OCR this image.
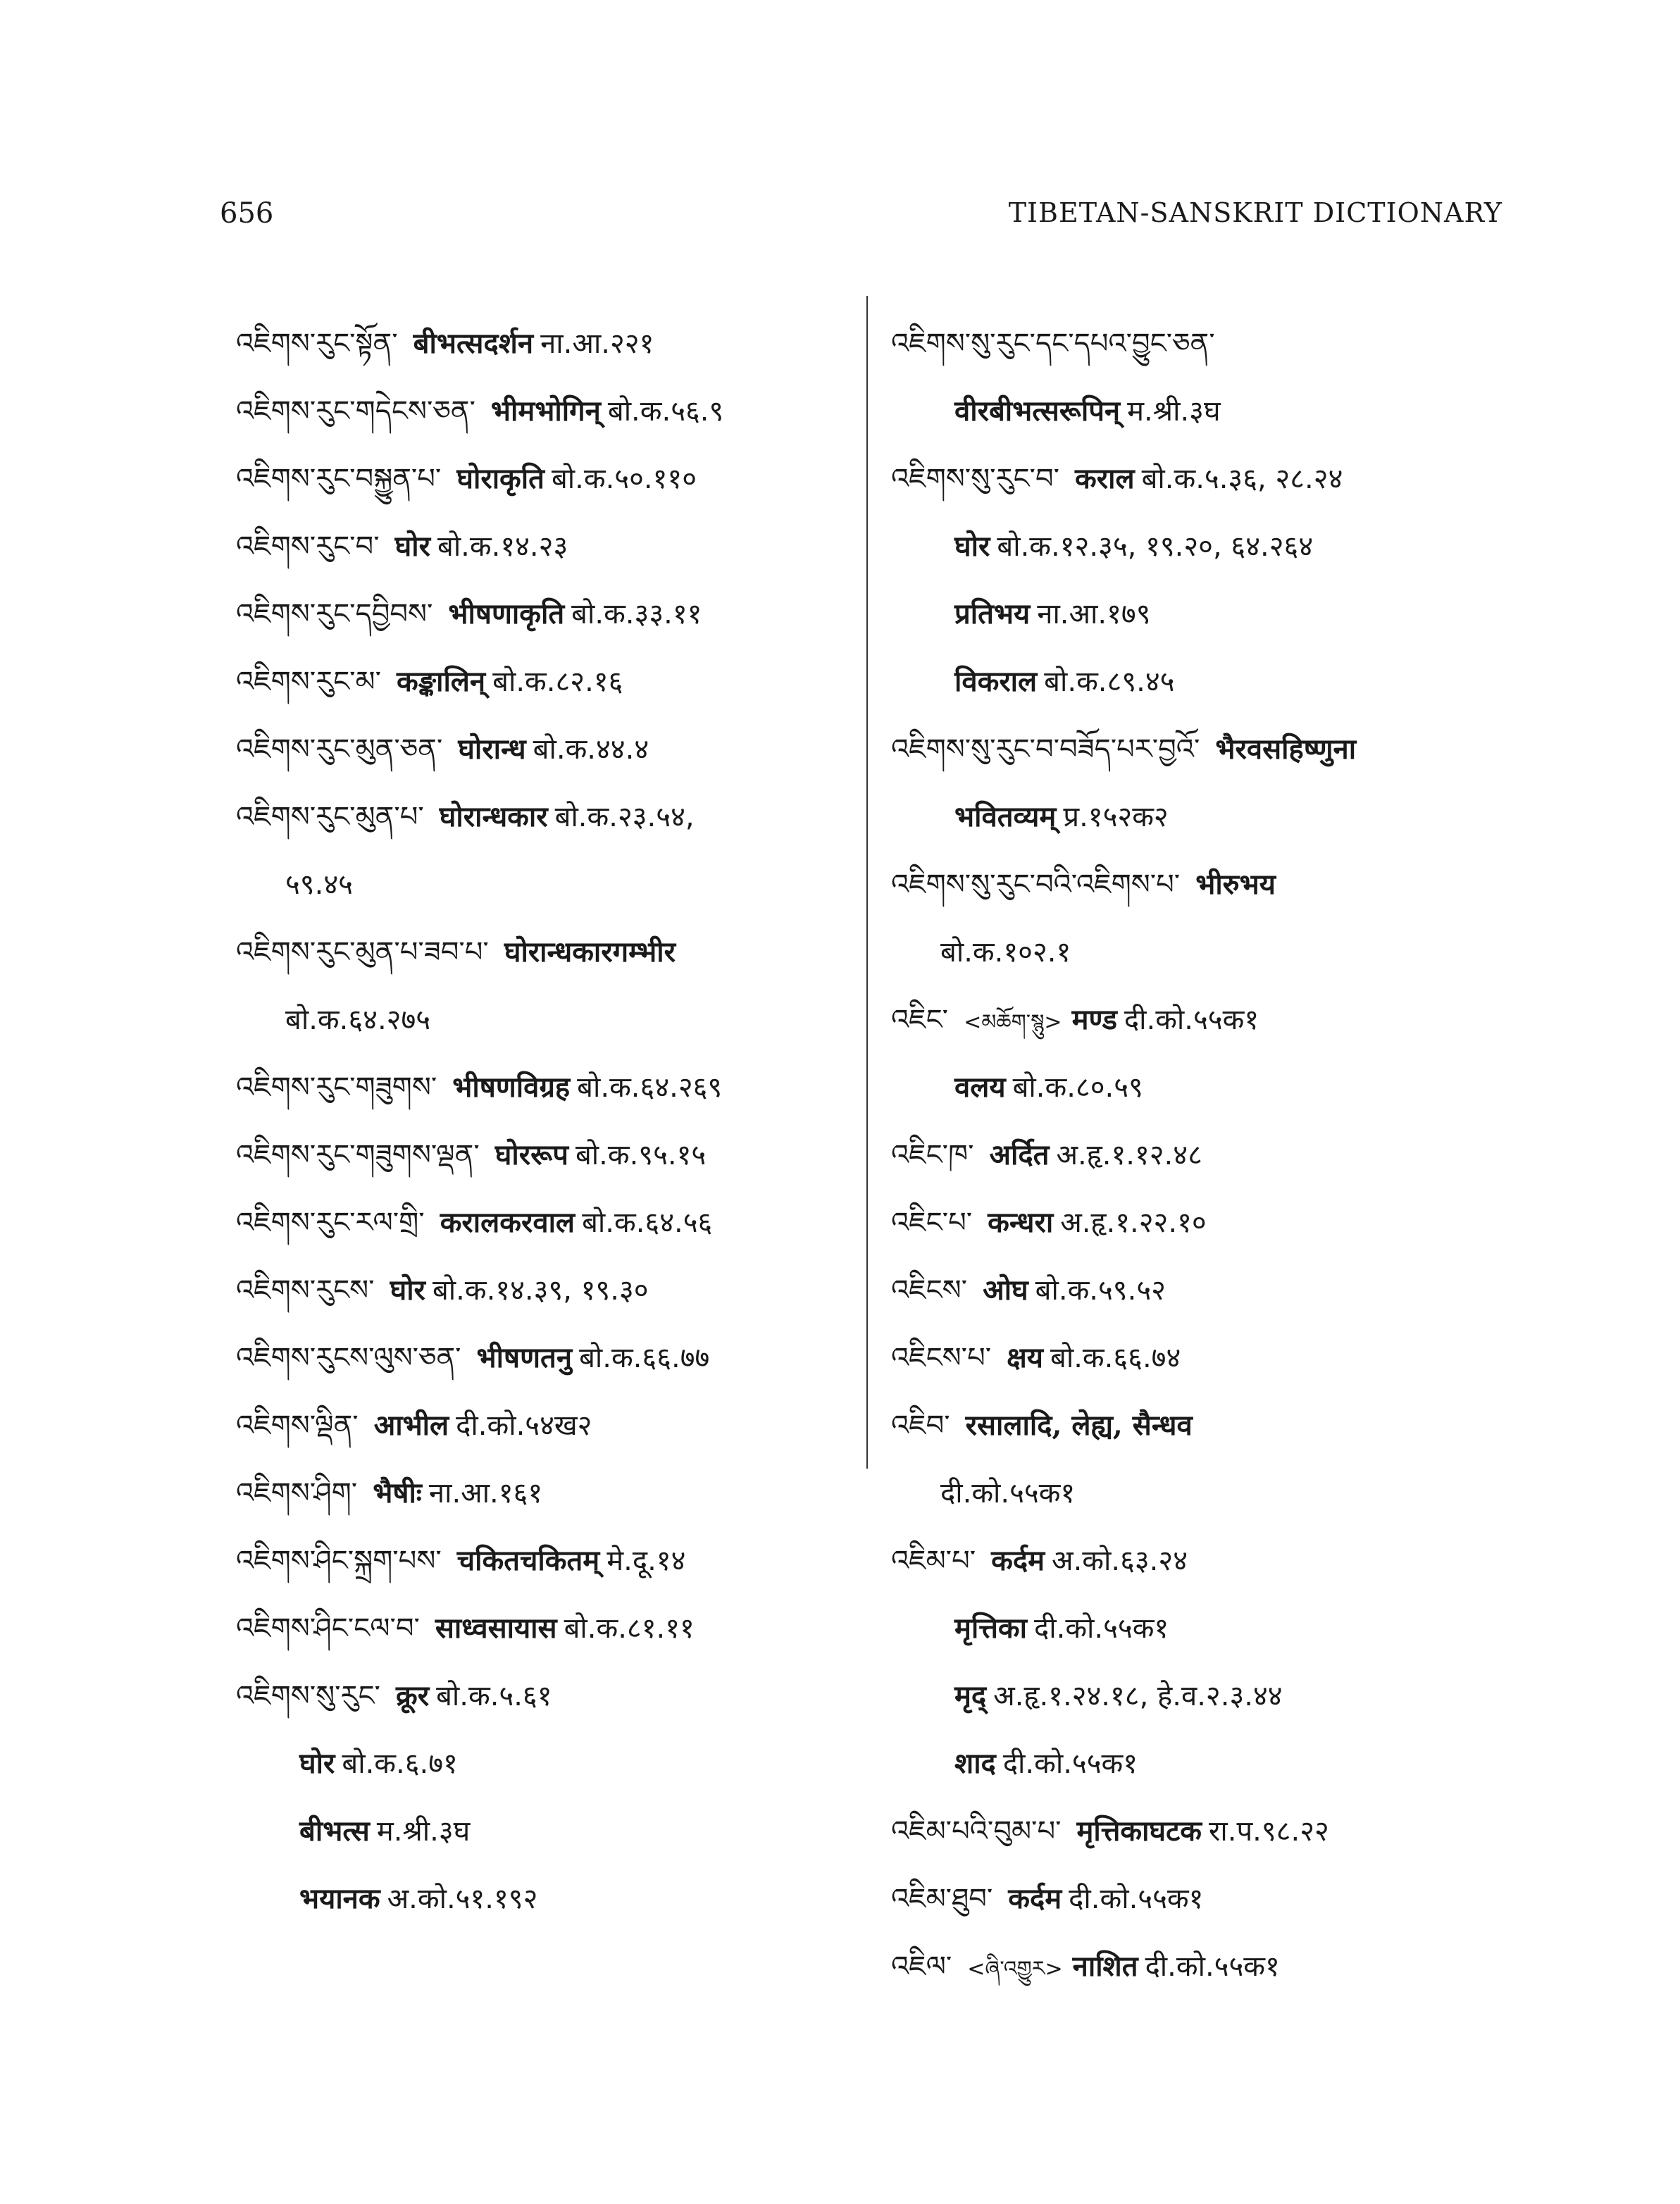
656	TIBETAN-SANSKRIT DICTIONARY
འཇིགས་རུང་སྟོན་ बीभत्सदर्शन ना.आ.२२१
འཇིགས་རུང་གདེངས་ཅན་ भीमभोगिन् बो.क.५६.९
འཇིགས་རུང་བསྐྱུན་པ་ घोराकृति बो.क.५०.११०
འཇིགས་རུང་བ་ घोर बो.क.१४.२३
འཇིགས་རུང་དབྱིབས་ भीषणाकृति बो.क.३३.११
འཇིགས་རུང་མ་ कङ्कालिन् बो.क.८२.१६
འཇིགས་རུང་མུན་ཅན་ घोरान्ध बो.क.४४.४
འཇིགས་རུང་མུན་པ་ घोरान्धकार बो.क.२३.५४,
५९.४५
འཇིགས་རུང་མུན་པ་ཟབ་པ་ घोरान्धकारगम्भीर
बो.क.६४.२७५
འཇིགས་རུང་གཟུགས་ भीषणविग्रह बो.क.६४.२६९
འཇིགས་རུང་གཟུགས་ལྡན་ घोररूप बो.क.९५.१५
འཇིགས་རུང་རལ་གྲི་ करालकरवाल बो.क.६४.५६
འཇིགས་རུངས་ घोर बो.क.१४.३९, १९.३०
འཇིགས་རུངས་ལུས་ཅན་ भीषणतनु बो.क.६६.७७
འཇིགས་ལྡིན་ आभील दी.को.५४ख२
འཇིགས་ཤིག་ भैषीः ना.आ.१६१
འཇིགས་ཤིང་སྐྲག་པས་ चकितचकितम् मे.दू.१४
འཇིགས་ཤིང་ངལ་བ་ साध्वसायास बो.क.८१.११
འཇིགས་སུ་རུང་ क्रूर बो.क.५.६१
घोर बो.क.६.७१
बीभत्स म.श्री.३घ
भयानक अ.को.५१.१९२
འཇིགས་སུ་རུང་དང་དཔའ་བྱུང་ཅན་
वीरबीभत्सरूपिन् म.श्री.३घ
འཇིགས་སུ་རུང་བ་ कराल बो.क.५.३६, २८.२४
घोर बो.क.१२.३५, १९.२०, ६४.२६४
प्रतिभय ना.आ.१७९
विकराल बो.क.८९.४५
འཇིགས་སུ་རུང་བ་བཟོད་པར་བྱའོ་ भैरवसहिष्णुना
भवितव्यम् प्र.१५२क२
འཇིགས་སུ་རུང་བའི་འཇིགས་པ་ भीरुभय
बो.क.१०२.१
འཇིང་ <མཆོག་སྙུ> मण्ड दी.को.५५क१
वलय बो.क.८०.५९
འཇིང་ཁ་ अर्दित अ.हृ.१.१२.४८
འཇིང་པ་ कन्धरा अ.हृ.१.२२.१०
འཇིངས་ ओघ बो.क.५९.५२
འཇིངས་པ་ क्षय बो.क.६६.७४
འཇིབ་ रसालादि, लेह्य, सैन्धव
दी.को.५५क१
འཇིམ་པ་ कर्दम अ.को.६३.२४
मृत्तिका दी.को.५५क१
मृद् अ.हृ.१.२४.१८, हे.व.२.३.४४
शाद दी.को.५५क१
འཇིམ་པའི་བུམ་པ་ मृत्तिकाघटक रा.प.९८.२२
འཇིམ་ཐུབ་ कर्दम दी.को.५५क१
འཇིལ་ <ཞི་འགྱུར> नाशित दी.को.५५क१
